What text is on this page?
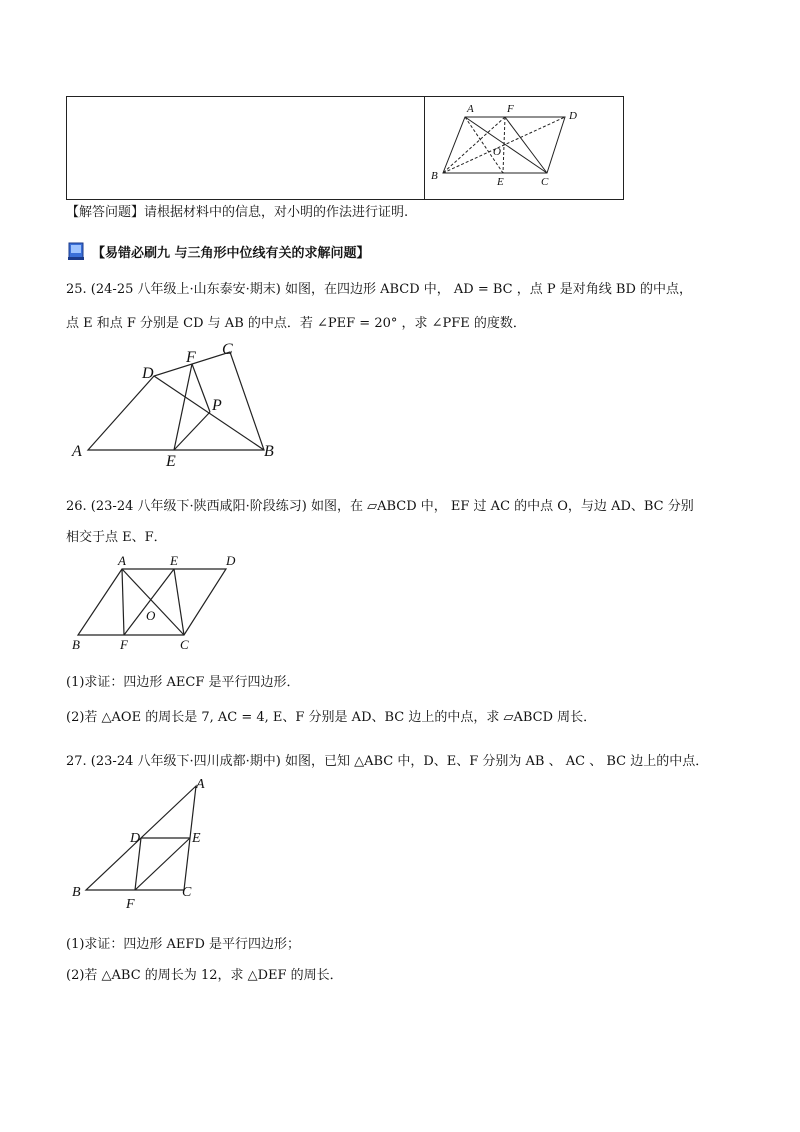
A	F
D
O
B	E	C
【解答问题】请根据材料中的信息，对小明的作法进行证明.
【易错必刷九 与三角形中位线有关的求解问题】
25. (24-25 八年级上·山东泰安·期末) 如图，在四边形 ABCD 中， AD = BC ，点 P 是对角线 BD 的中点，
点 E 和点 F 分别是 CD 与 AB 的中点．若 ∠PEF = 20° ，求 ∠PFE 的度数．
D
F C
P
A
E
B
26. (23-24 八年级下·陕西咸阳·阶段练习) 如图，在 ▱ABCD 中， EF 过 AC 的中点 O，与边 AD、BC 分别
相交于点 E、F．
A	E	D
O
B	F	C
(1)求证：四边形 AECF 是平行四边形．
(2)若 △AOE 的周长是 7, AC = 4, E、F 分别是 AD、BC 边上的中点，求 ▱ABCD 周长．
27. (23-24 八年级下·四川成都·期中) 如图，已知 △ABC 中，D、E、F 分别为 AB 、 AC 、 BC 边上的中点．
A
D	E
B
F
C
(1)求证：四边形 AEFD 是平行四边形；
(2)若 △ABC 的周长为 12，求 △DEF 的周长．
